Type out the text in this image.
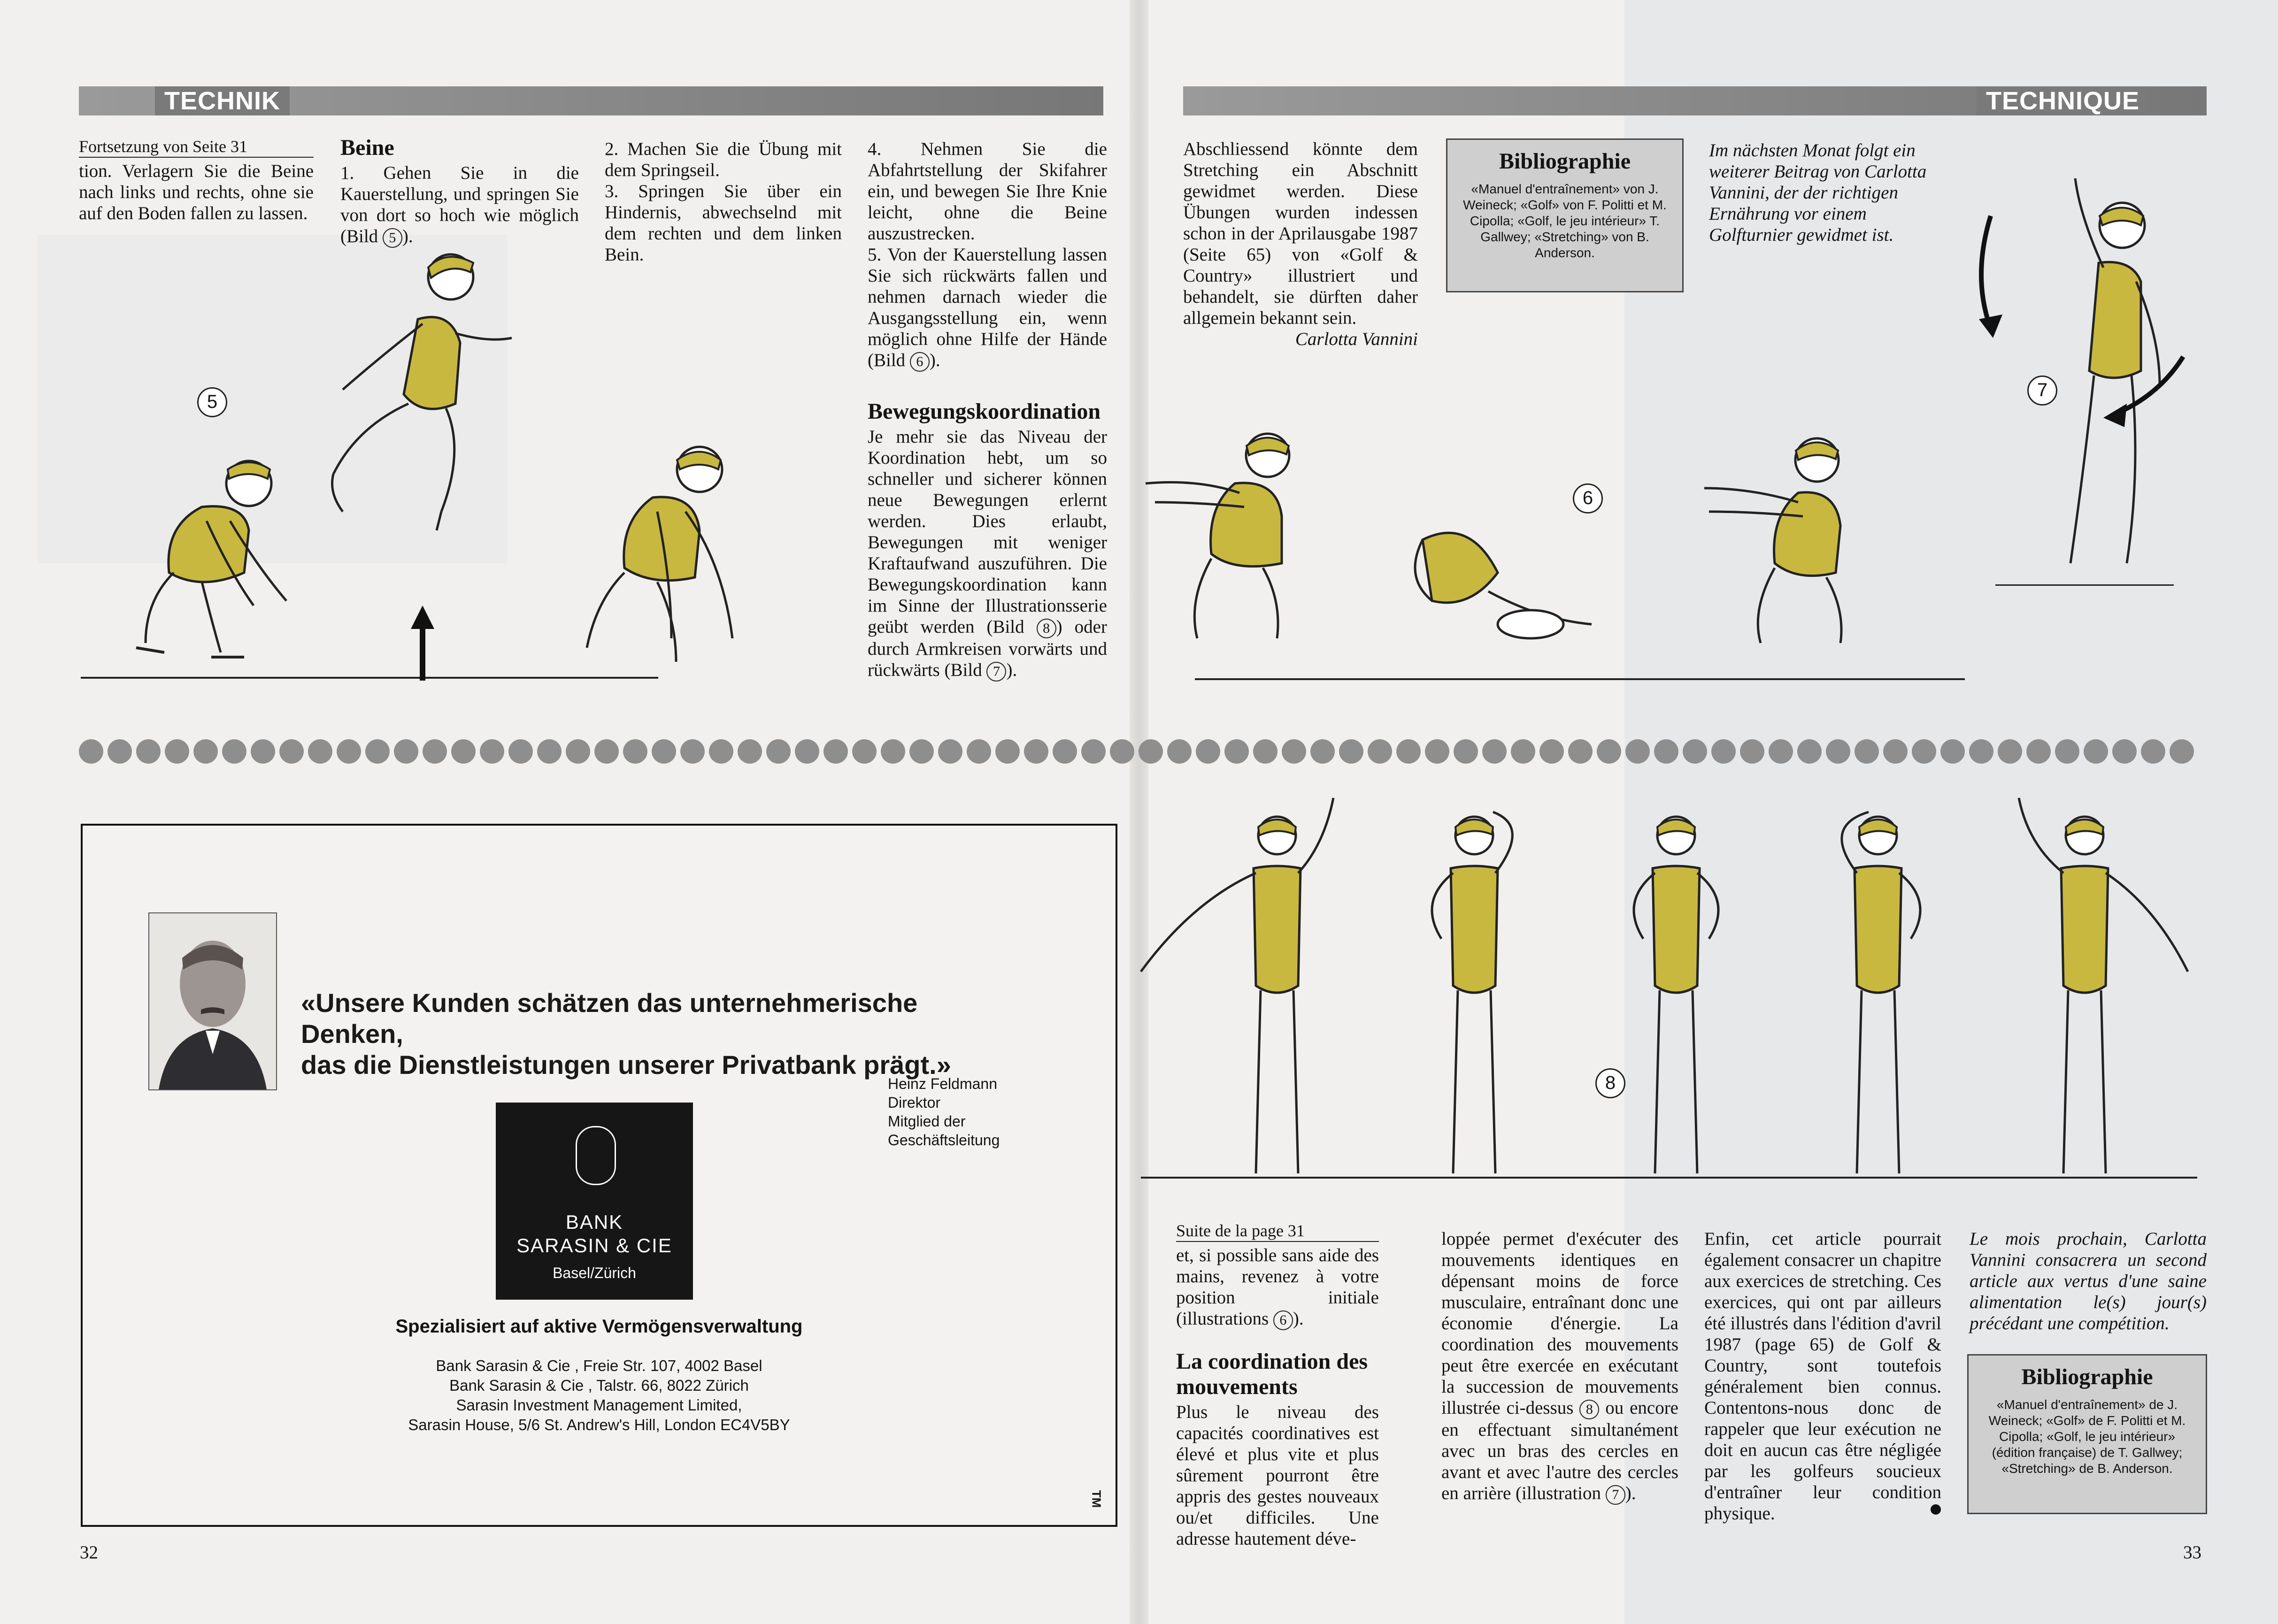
TECHNIK
Fortsetzung von Seite 31

tion. Verlagern Sie die Beine nach links und rechts, ohne sie auf den Boden fallen zu lassen.

Beine

1. Gehen Sie in die Kauerstellung, und springen Sie von dort so hoch wie möglich (Bild 5 ).

2. Machen Sie die Übung mit dem Springseil.

3. Springen Sie über ein Hindernis, abwechselnd mit dem rechten und dem linken Bein.

4. Nehmen Sie die Abfahrtstellung der Skifahrer ein, und bewegen Sie Ihre Knie leicht, ohne die Beine auszustrecken.

5. Von der Kauerstellung lassen Sie sich rückwärts fallen und nehmen darnach wieder die Ausgangsstellung ein, wenn möglich ohne Hilfe der Hände (Bild 6 ).

Bewegungskoordination

Je mehr sie das Niveau der Koordination hebt, um so schneller und sicherer können neue Bewegungen erlernt werden. Dies erlaubt, Bewegungen mit weniger Kraftaufwand auszuführen. Die Bewegungskoordination kann im Sinne der Illustrationsserie geübt werden (Bild 8 ) oder durch Armkreisen vorwärts und rückwärts (Bild 7 ).

5
«Unsere Kunden schätzen das unternehmerische Denken,
das die Dienstleistungen unserer Privatbank prägt.»
Heinz Feldmann
Direktor
Mitglied der
Geschäftsleitung
BANK
SARASIN & CIE
Basel/Zürich
Spezialisiert auf aktive Vermögensverwaltung
Bank Sarasin & Cie , Freie Str. 107, 4002 Basel
Bank Sarasin & Cie , Talstr. 66, 8022 Zürich
Sarasin Investment Management Limited,
Sarasin House, 5/6 St. Andrew's Hill, London EC4V5BY
TM
32
TECHNIQUE

Abschliessend könnte dem Stretching ein Abschnitt gewidmet werden. Diese Übungen wurden indessen schon in der Aprilausgabe 1987 (Seite 65) von «Golf & Country» illustriert und behandelt, sie dürften daher allgemein bekannt sein.

Carlotta Vannini

Bibliographie
«Manuel d'entraînement» von J. Weineck; «Golf» von F. Politti et M. Cipolla; «Golf, le jeu intérieur» T. Gallwey; «Stretching» von B. Anderson.
Im nächsten Monat folgt ein weiterer Beitrag von Carlotta Vannini, der der richtigen Ernährung vor einem Golfturnier gewidmet ist.
6
7
8
Suite de la page 31

et, si possible sans aide des mains, revenez à votre position initiale (illustrations 6 ).

La coordination des mouvements

Plus le niveau des capacités coordinatives est élevé et plus vite et plus sûrement pourront être appris des gestes nouveaux ou/et difficiles. Une adresse hautement déve-

loppée permet d'exécuter des mouvements identiques en dépensant moins de force musculaire, entraînant donc une économie d'énergie. La coordination des mouvements peut être exercée en exécutant la succession de mouvements illustrée ci-dessus 8 ou encore en effectuant simultanément avec un bras des cercles en avant et avec l'autre des cercles en arrière (illustration 7 ).

Enfin, cet article pourrait également consacrer un chapitre aux exercices de stretching. Ces exercices, qui ont par ailleurs été illustrés dans l'édition d'avril 1987 (page 65) de Golf & Country, sont toutefois généralement bien connus. Contentons-nous donc de rappeler que leur exécution ne doit en aucun cas être négligée par les golfeurs soucieux d'entraîner leur condition physique.

Le mois prochain, Carlotta Vannini consacrera un second article aux vertus d'une saine alimentation le(s) jour(s) précédant une compétition.
Bibliographie
«Manuel d'entraînement» de J. Weineck; «Golf» de F. Politti et M. Cipolla; «Golf, le jeu intérieur» (édition française) de T. Gallwey; «Stretching» de B. Anderson.
33
